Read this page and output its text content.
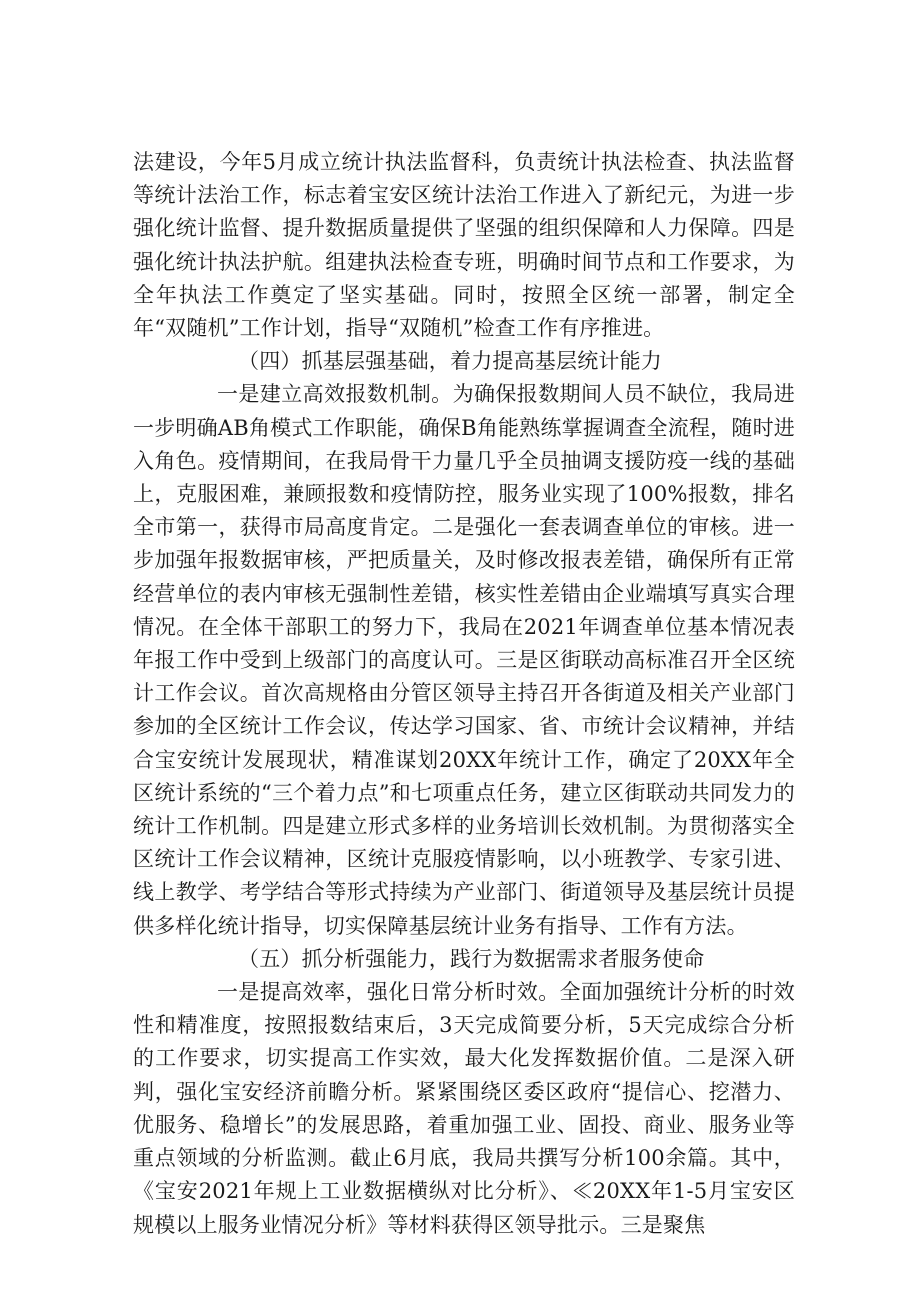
法建设，今年5月成立统计执法监督科，负责统计执法检查、执法监督等统计法治工作，标志着宝安区统计法治工作进入了新纪元，为进一步强化统计监督、提升数据质量提供了坚强的组织保障和人力保障。四是强化统计执法护航。组建执法检查专班，明确时间节点和工作要求，为全年执法工作奠定了坚实基础。同时，按照全区统一部署，制定全年“双随机”工作计划，指导“双随机”检查工作有序推进。

（四）抓基层强基础，着力提高基层统计能力

一是建立高效报数机制。为确保报数期间人员不缺位，我局进一步明确AB角模式工作职能，确保B角能熟练掌握调查全流程，随时进入角色。疫情期间，在我局骨干力量几乎全员抽调支援防疫一线的基础上，克服困难，兼顾报数和疫情防控，服务业实现了100%报数，排名全市第一，获得市局高度肯定。二是强化一套表调查单位的审核。进一步加强年报数据审核，严把质量关，及时修改报表差错，确保所有正常经营单位的表内审核无强制性差错，核实性差错由企业端填写真实合理情况。在全体干部职工的努力下，我局在2021年调查单位基本情况表年报工作中受到上级部门的高度认可。三是区街联动高标准召开全区统计工作会议。首次高规格由分管区领导主持召开各街道及相关产业部门参加的全区统计工作会议，传达学习国家、省、市统计会议精神，并结合宝安统计发展现状，精准谋划20XX年统计工作，确定了20XX年全区统计系统的“三个着力点”和七项重点任务，建立区街联动共同发力的统计工作机制。四是建立形式多样的业务培训长效机制。为贯彻落实全区统计工作会议精神，区统计克服疫情影响，以小班教学、专家引进、线上教学、考学结合等形式持续为产业部门、街道领导及基层统计员提供多样化统计指导，切实保障基层统计业务有指导、工作有方法。

（五）抓分析强能力，践行为数据需求者服务使命

一是提高效率，强化日常分析时效。全面加强统计分析的时效性和精准度，按照报数结束后，3天完成简要分析，5天完成综合分析的工作要求，切实提高工作实效，最大化发挥数据价值。二是深入研判，强化宝安经济前瞻分析。紧紧围绕区委区政府“提信心、挖潜力、优服务、稳增长”的发展思路，着重加强工业、固投、商业、服务业等重点领域的分析监测。截止6月底，我局共撰写分析100余篇。其中，《宝安2021年规上工业数据横纵对比分析》、≪20XX年1-5月宝安区规模以上服务业情况分析》等材料获得区领导批示。三是聚焦
